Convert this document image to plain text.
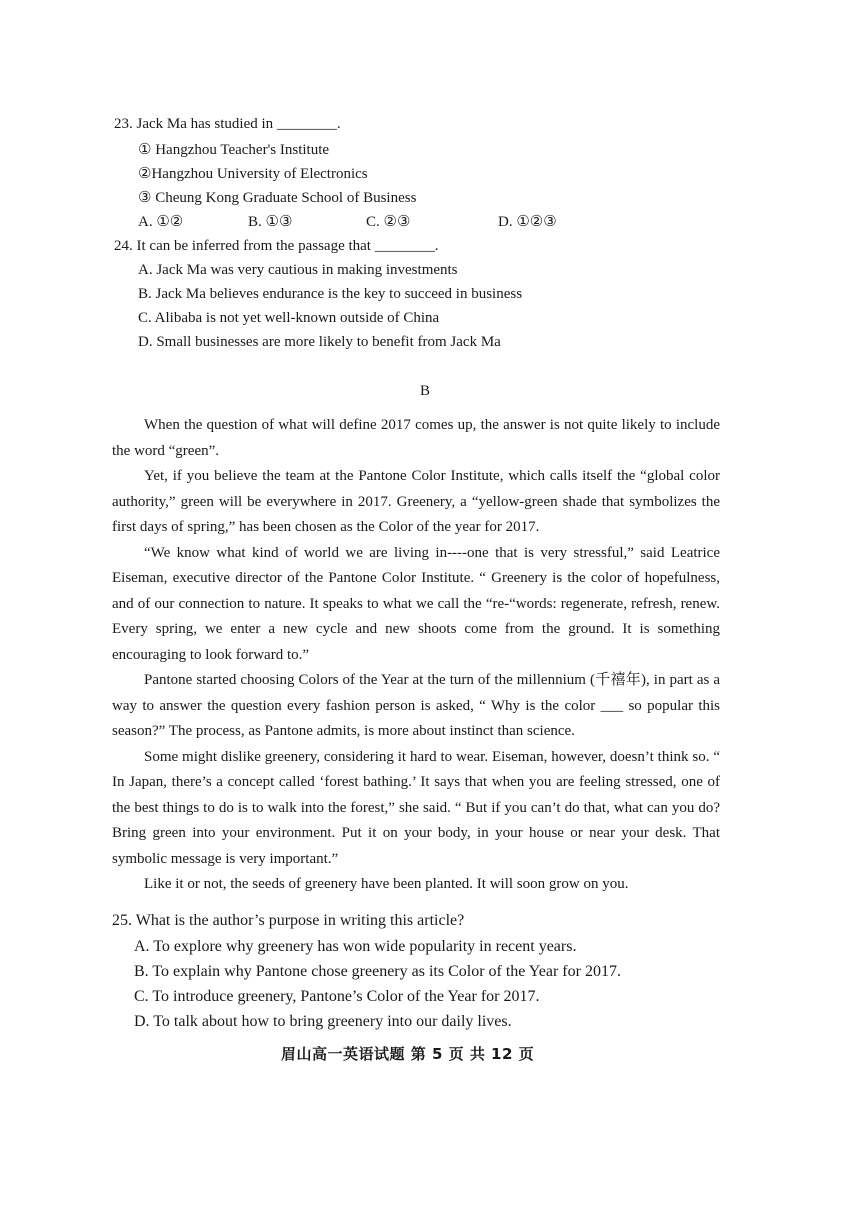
23. Jack Ma has studied in ________.
① Hangzhou Teacher's Institute
②Hangzhou University of Electronics
③ Cheung Kong Graduate School of Business
A. ①②	B. ①③	C. ②③	D. ①②③
24. It can be inferred from the passage that ________.
A. Jack Ma was very cautious in making investments
B. Jack Ma believes endurance is the key to succeed in business
C. Alibaba is not yet well-known outside of China
D. Small businesses are more likely to benefit from Jack Ma
B

When the question of what will define 2017 comes up, the answer is not quite likely to include the word “green”.

Yet, if you believe the team at the Pantone Color Institute, which calls itself the “global color authority,” green will be everywhere in 2017. Greenery, a “yellow-green shade that symbolizes the first days of spring,” has been chosen as the Color of the year for 2017.

“We know what kind of world we are living in----one that is very stressful,” said Leatrice Eiseman, executive director of the Pantone Color Institute. “ Greenery is the color of hopefulness, and of our connection to nature. It speaks to what we call the “re-“words: regenerate, refresh, renew. Every spring, we enter a new cycle and new shoots come from the ground. It is something encouraging to look forward to.”

Pantone started choosing Colors of the Year at the turn of the millennium (千禧年), in part as a way to answer the question every fashion person is asked, “ Why is the color ___ so popular this season?” The process, as Pantone admits, is more about instinct than science.

Some might dislike greenery, considering it hard to wear. Eiseman, however, doesn’t think so. “ In Japan, there’s a concept called ‘forest bathing.’ It says that when you are feeling stressed, one of the best things to do is to walk into the forest,” she said. “ But if you can’t do that, what can you do? Bring green into your environment. Put it on your body, in your house or near your desk. That symbolic message is very important.”

Like it or not, the seeds of greenery have been planted. It will soon grow on you.

25. What is the author’s purpose in writing this article?
A. To explore why greenery has won wide popularity in recent years.
B. To explain why Pantone chose greenery as its Color of the Year for 2017.
C. To introduce greenery, Pantone’s Color of the Year for 2017.
D. To talk about how to bring greenery into our daily lives.
眉山高一英语试题 第 5 页 共 12 页
